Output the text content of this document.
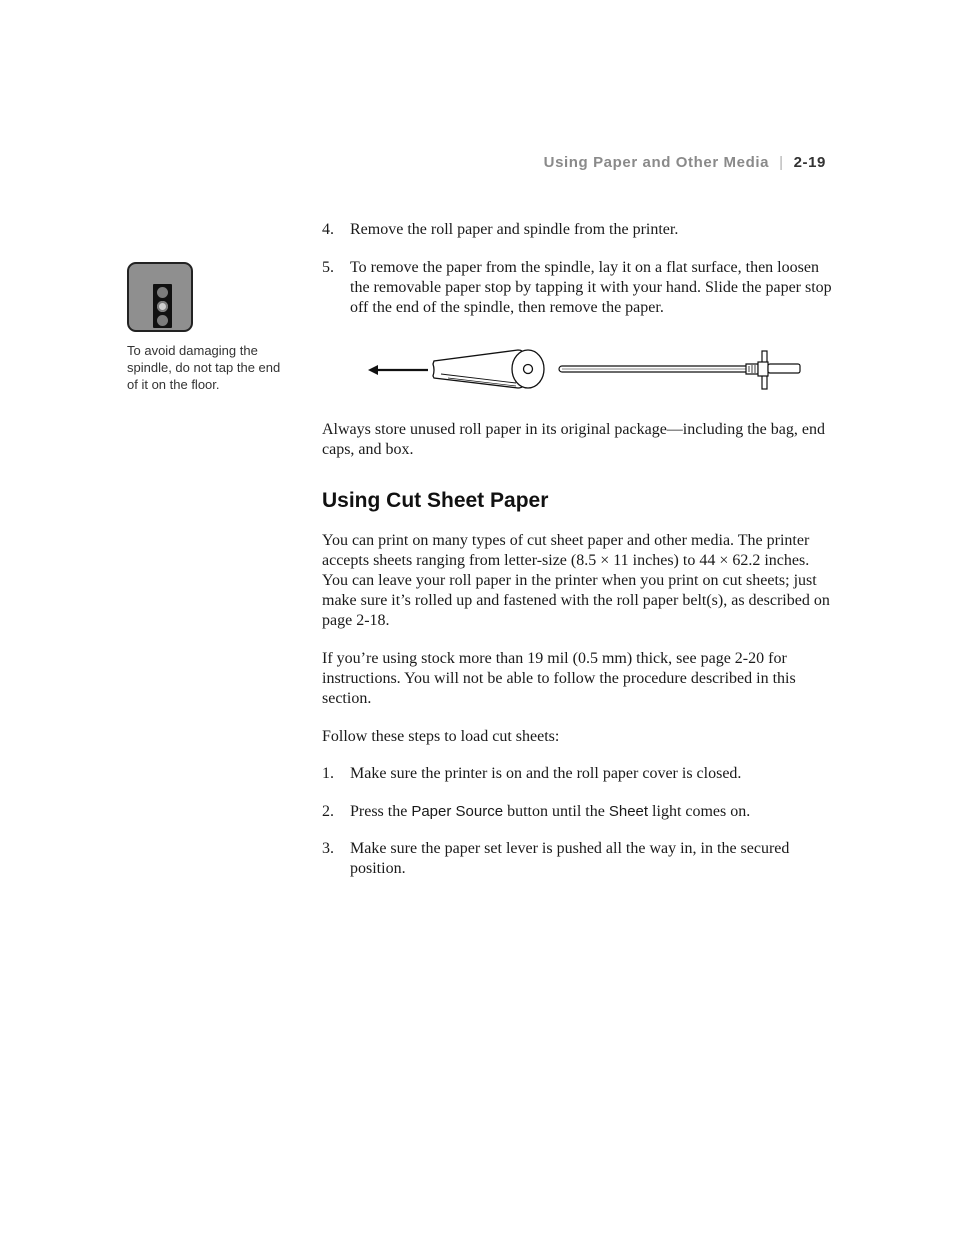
Using Paper and Other Media | 2-19
To avoid damaging the spindle, do not tap the end of it on the floor.
4. Remove the roll paper and spindle from the printer.
5. To remove the paper from the spindle, lay it on a flat surface, then loosen the removable paper stop by tapping it with your hand. Slide the paper stop off the end of the spindle, then remove the paper.

Always store unused roll paper in its original package—including the bag, end caps, and box.

Using Cut Sheet Paper

You can print on many types of cut sheet paper and other media. The printer accepts sheets ranging from letter-size (8.5 × 11 inches) to 44 × 62.2 inches. You can leave your roll paper in the printer when you print on cut sheets; just make sure it’s rolled up and fastened with the roll paper belt(s), as described on page 2-18.

If you’re using stock more than 19 mil (0.5 mm) thick, see page 2-20 for instructions. You will not be able to follow the procedure described in this section.

Follow these steps to load cut sheets:

1. Make sure the printer is on and the roll paper cover is closed.
2. Press the Paper Source button until the Sheet light comes on.
3. Make sure the paper set lever is pushed all the way in, in the secured position.
